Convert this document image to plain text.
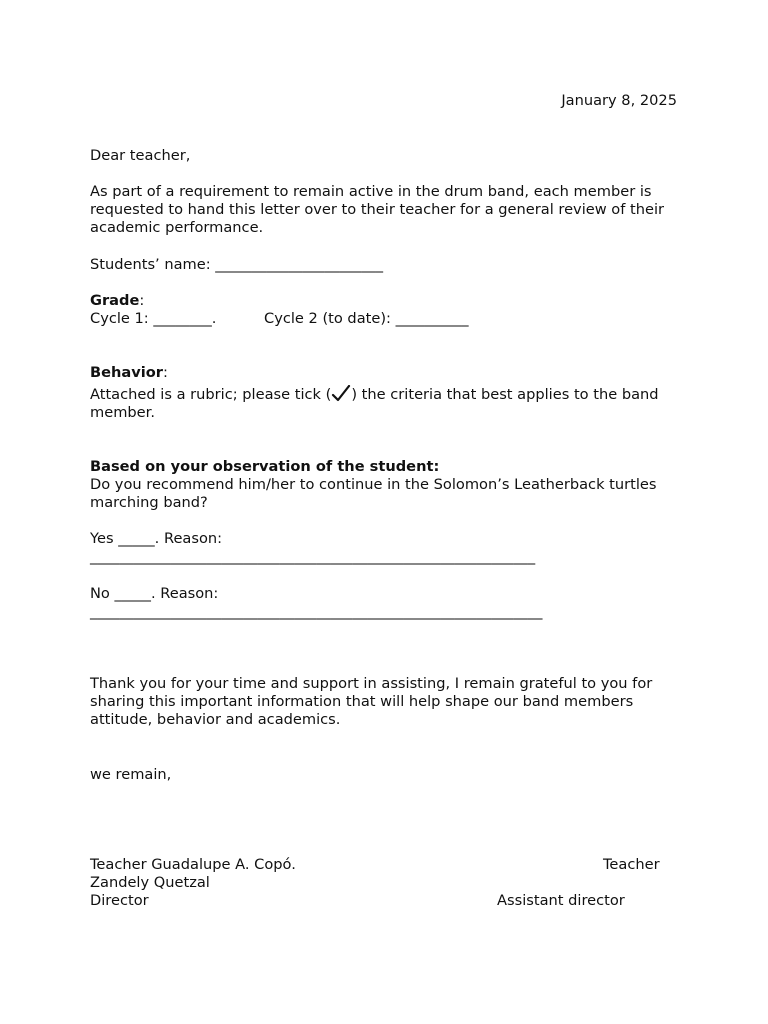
January 8, 2025
Dear teacher,
As part of a requirement to remain active in the drum band, each member is requested to hand this letter over to their teacher for a general review of their academic performance.
Students’ name: _______________________
Grade:
Cycle 1: ________.	Cycle 2 (to date): __________
Behavior:
Attached is a rubric; please tick ( ) the criteria that best applies to the band member.
Based on your observation of the student:
Do you recommend him/her to continue in the Solomon’s Leatherback turtles marching band?
Yes _____. Reason:
_____________________________________________________________
No _____. Reason:
______________________________________________________________
Thank you for your time and support in assisting, I remain grateful to you for sharing this important information that will help shape our band members attitude, behavior and academics.
we remain,
Teacher Guadalupe A. Copó.	Teacher
Zandely Quetzal
Director	Assistant director
